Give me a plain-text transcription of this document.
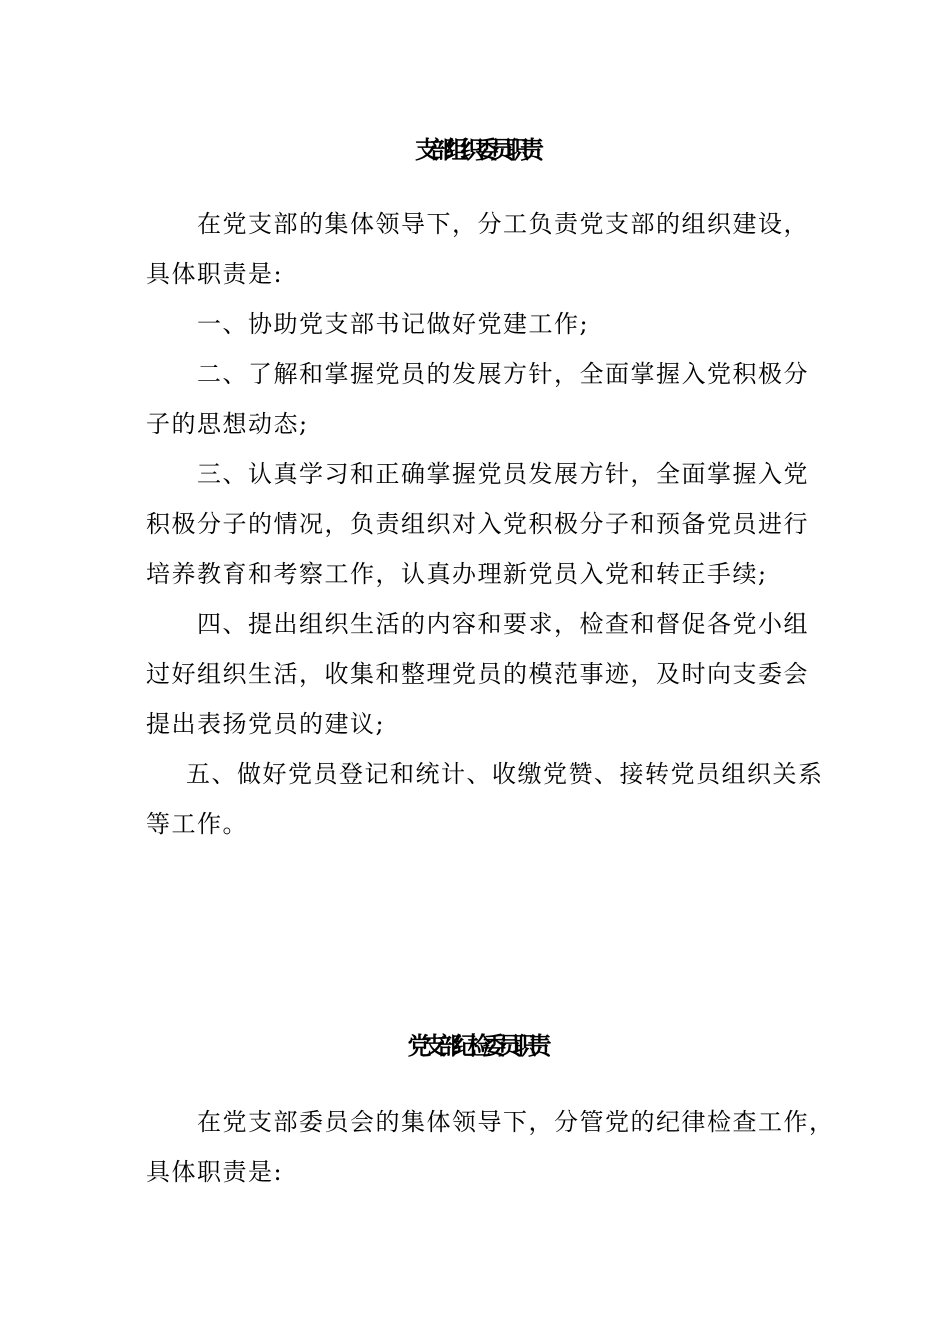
支部组织委员职责
在党支部的集体领导下，分工负责党支部的组织建设，
具体职责是:
一、协助党支部书记做好党建工作;
二、了解和掌握党员的发展方针，全面掌握入党积极分
子的思想动态;
三、认真学习和正确掌握党员发展方针，全面掌握入党
积极分子的情况，负责组织对入党积极分子和预备党员进行
培养教育和考察工作，认真办理新党员入党和转正手续;
四、提出组织生活的内容和要求，检查和督促各党小组
过好组织生活，收集和整理党员的模范事迹，及时向支委会
提出表扬党员的建议;
五、做好党员登记和统计、收缴党赞、接转党员组织关系
等工作。
党支部纪检委员职责
在党支部委员会的集体领导下，分管党的纪律检查工作，
具体职责是:
